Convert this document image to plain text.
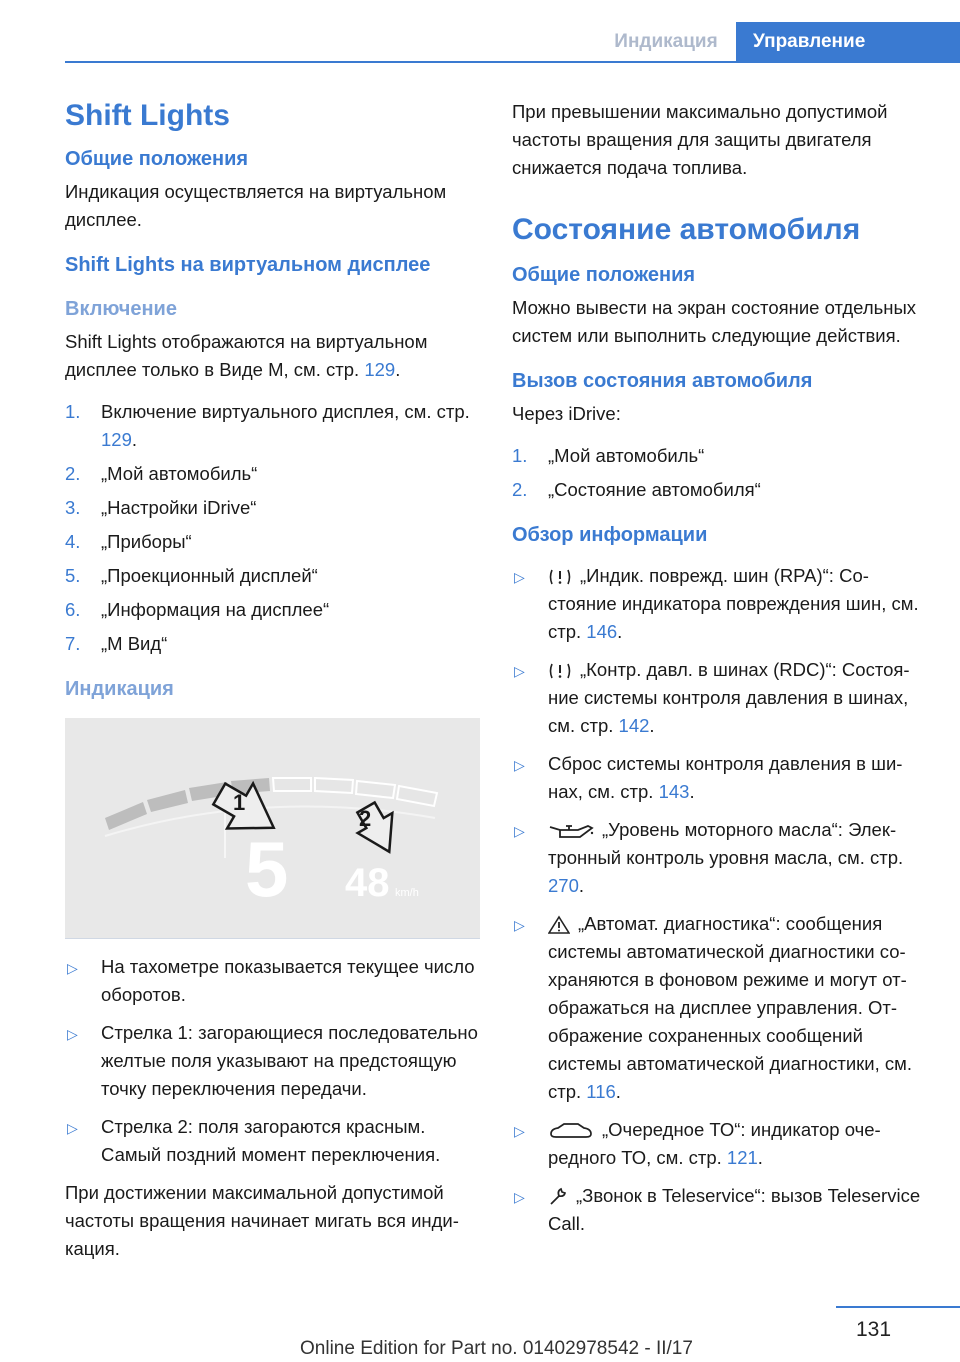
Индикация	Управление
Shift Lights
Общие положения

Индикация осуществляется на виртуальном дисплее.

Shift Lights на виртуальном дисплее
Включение

Shift Lights отображаются на виртуальном дисплее только в Виде M, см. стр. 129.

1. Включение виртуального дисплея, см. стр. 129.
2. „Мой автомобиль“
3. „Настройки iDrive“
4. „Приборы“
5. „Проекционный дисплей“
6. „Информация на дисплее“
7. „M Вид“
Индикация
1
2
5 48 km/h
▷ На тахометре показывается текущее число оборотов.
▷ Стрелка 1: загорающиеся последовательно желтые поля указывают на предстоящую точку переключения передачи.
▷ Стрелка 2: поля загораются красным. Самый поздний момент переключения.

При достижении максимальной допустимой частоты вращения начинает мигать вся индикация.

При превышении максимально допустимой частоты вращения для защиты двигателя снижается подача топлива.

Состояние автомобиля
Общие положения

Можно вывести на экран состояние отдельных систем или выполнить следующие действия.

Вызов состояния автомобиля

Через iDrive:

1. „Мой автомобиль“
2. „Состояние автомобиля“
Обзор информации
▷	„Индик. поврежд. шин (RPA)“: Состояние индикатора повреждения шин, см. стр. 146.
▷	„Контр. давл. в шинах (RDC)“: Состояние системы контроля давления в шинах, см. стр. 142.
▷ Сброс системы контроля давления в шинах, см. стр. 143.
▷	„Уровень моторного масла“: Электронный контроль уровня масла, см. стр. 270.
▷	„Автомат. диагностика“: сообщения системы автоматической диагностики сохраняются в фоновом режиме и могут отображаться на дисплее управления. Отображение сохраненных сообщений системы автоматической диагностики, см. стр. 116.
▷	„Очередное ТО“: индикатор очередного ТО, см. стр. 121.
▷	„Звонок в Teleservice“: вызов Teleservice Call.
131
Online Edition for Part no. 01402978542 - II/17
